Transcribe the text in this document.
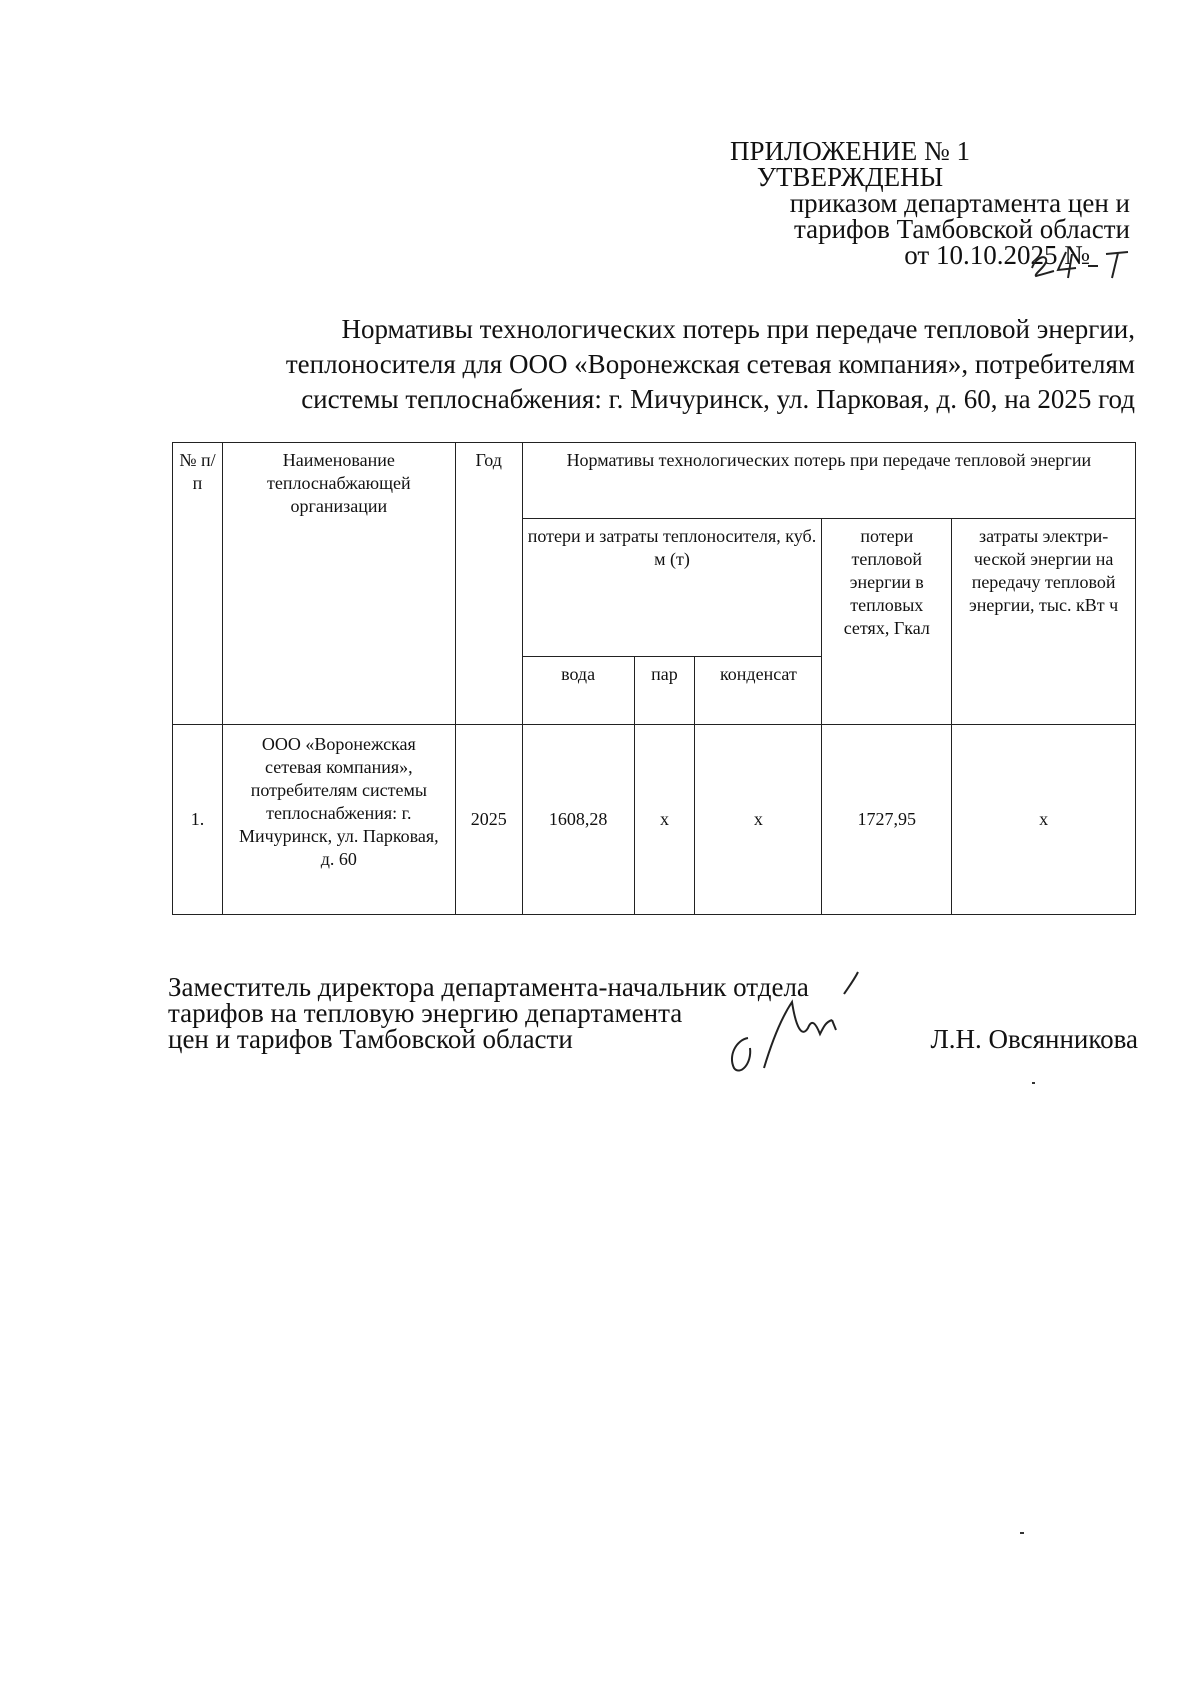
ПРИЛОЖЕНИЕ № 1
УТВЕРЖДЕНЫ
приказом департамента цен и
тарифов Тамбовской области
от 10.10.2025 №
Нормативы технологических потерь при передаче тепловой энергии,
теплоносителя для ООО «Воронежская сетевая компания», потребителям
системы теплоснабжения: г. Мичуринск, ул. Парковая, д. 60, на 2025 год
№ п/ п	Наименование теплоснабжающей организации	Год	Нормативы технологических потерь при передаче тепловой энергии				
			потери и затраты теплоносителя, куб. м (т)			потери тепловой энергии в тепловых сетях, Гкал	затраты электри-ческой энергии на передачу тепловой энергии, тыс. кВт ч
			вода	пар	конденсат		
1.	ООО «Воронежская сетевая компания», потребителям системы теплоснабжения: г. Мичуринск, ул. Парковая, д. 60	2025	1608,28	х	х	1727,95	х
Заместитель директора департамента-начальник отдела
тарифов на тепловую энергию департамента
цен и тарифов Тамбовской области	Л.Н. Овсянникова
